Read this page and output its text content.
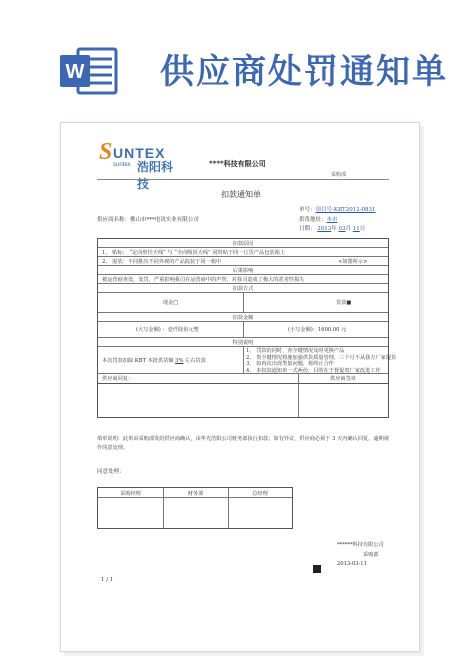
W 供应商处罚通知单
S UNTEX
suntex 浩阳科技
****科技有限公司
采购部
扣款通知单
单号：项目号-KBT2012-0831
供应商名称：佛山市***电讯实业有限公司	供货地址：本市
日期： 2013年 03月 11日
扣款原因
1、 贴标： “定向壁挂天线” 与 “全向吸顶天线” 同时贴于同一订货产品包装箱上
2、 混装：不同批次不同外观的产品混装于同一箱中	<如图所示>
后果影响
被运营商查处，处罚，严重影响我司在运营商中的声誉，对我司造成了极大的恶劣性损失
扣款方式
现金□	货款■
扣款金额
(大写金额) ：壹仟陆佰元整	(小写金额)：1600.00 元
特别说明
本次罚款扣除 KBT 本批供货额 3% 左右货款
1、 罚款的同时，查全键情况及时更换产品
2、 贵全键情况将施加强供货质量管理，三个月不从我方厂家提货
3、 如再次出现类似问题，将终止合作
4、 本扣款通知单一式两份，目的在于督促贵厂家改进工作
供应商回复：	供应商签章
填单说明：此单由采购部发给供应商确认，由华光浩阳公司财务部执行扣款；如有异议，供应商必须于 3 天内确认回复，逾期视作同意处理。
同意处理：
采购经理	财务部	总经理
******科技有限公司
采购部
2013-03-11
1 / 1
